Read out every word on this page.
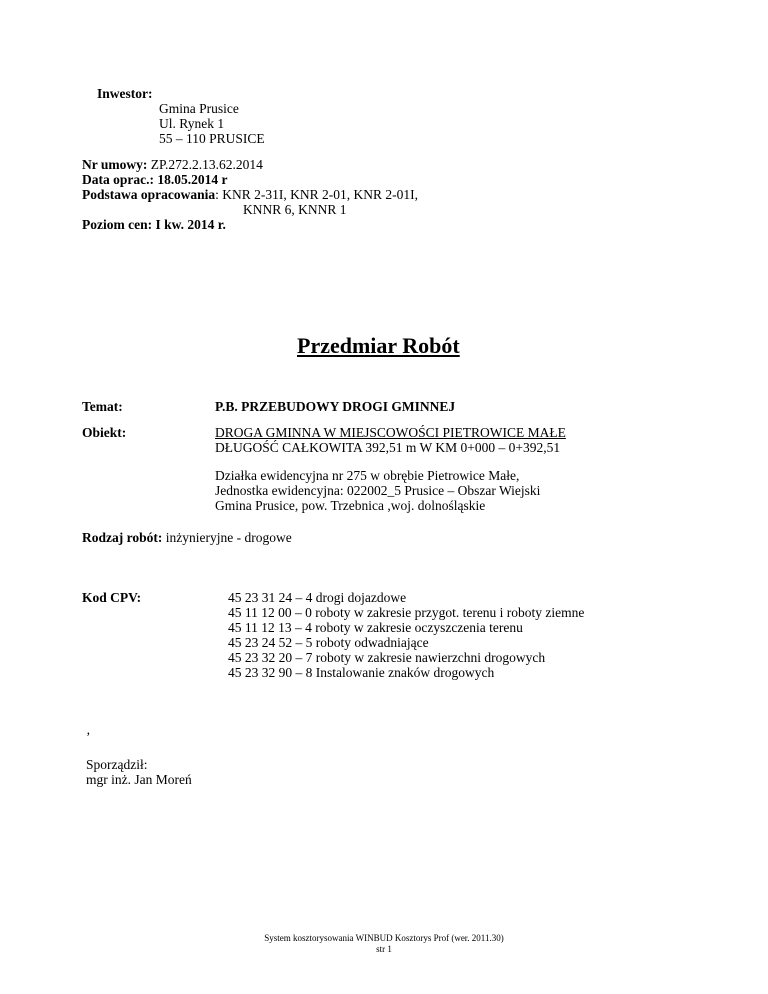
Inwestor:
Gmina Prusice
Ul. Rynek 1
55 – 110 PRUSICE
Nr umowy: ZP.272.2.13.62.2014
Data oprac.: 18.05.2014 r
Podstawa opracowania: KNR 2-31I, KNR 2-01, KNR 2-01I,
KNNR 6, KNNR 1
Poziom cen: I kw. 2014 r.
Przedmiar Robót
Temat:	P.B. PRZEBUDOWY DROGI GMINNEJ
Obiekt:	DROGA GMINNA W MIEJSCOWOŚCI PIETROWICE MAŁE
DŁUGOŚĆ CAŁKOWITA 392,51 m W KM 0+000 – 0+392,51
Działka ewidencyjna nr 275 w obrębie Pietrowice Małe,
Jednostka ewidencyjna: 022002_5 Prusice – Obszar Wiejski
Gmina Prusice, pow. Trzebnica ,woj. dolnośląskie
Rodzaj robót: inżynieryjne - drogowe
Kod CPV:	45 23 31 24 – 4 drogi dojazdowe
45 11 12 00 – 0 roboty w zakresie przygot. terenu i roboty ziemne
45 11 12 13 – 4 roboty w zakresie oczyszczenia terenu
45 23 24 52 – 5 roboty odwadniające
45 23 32 20 – 7 roboty w zakresie nawierzchni drogowych
45 23 32 90 – 8 Instalowanie znaków drogowych
‚
Sporządził:
mgr inż. Jan Moreń
System kosztorysowania WINBUD Kosztorys Prof (wer. 2011.30)
str 1
